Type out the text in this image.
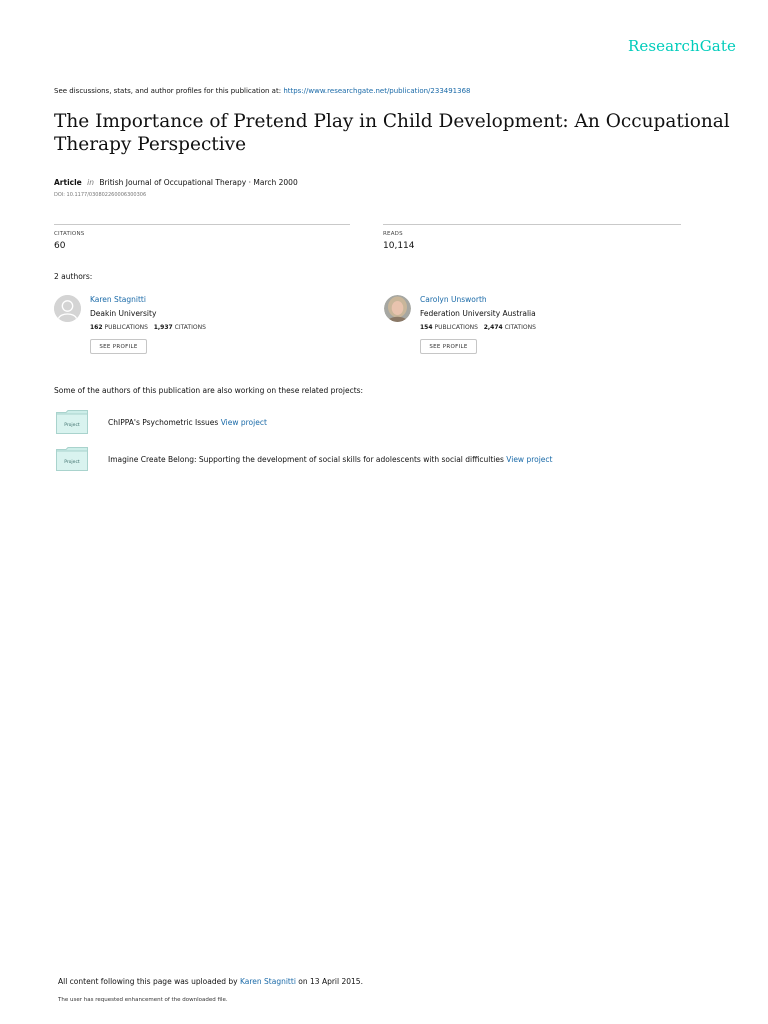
ResearchGate
See discussions, stats, and author profiles for this publication at: https://www.researchgate.net/publication/233491368
The Importance of Pretend Play in Child Development: An Occupational Therapy Perspective
Article in British Journal of Occupational Therapy · March 2000
DOI: 10.1177/030802260006300306
CITATIONS
60
READS
10,114
2 authors:
Karen Stagnitti
Deakin University
162 PUBLICATIONS 1,937 CITATIONS
SEE PROFILE
Carolyn Unsworth
Federation University Australia
154 PUBLICATIONS 2,474 CITATIONS
SEE PROFILE
Some of the authors of this publication are also working on these related projects:
Project	ChIPPA's Psychometric Issues View project
Project	Imagine Create Belong: Supporting the development of social skills for adolescents with social difficulties View project
All content following this page was uploaded by Karen Stagnitti on 13 April 2015.
The user has requested enhancement of the downloaded file.
